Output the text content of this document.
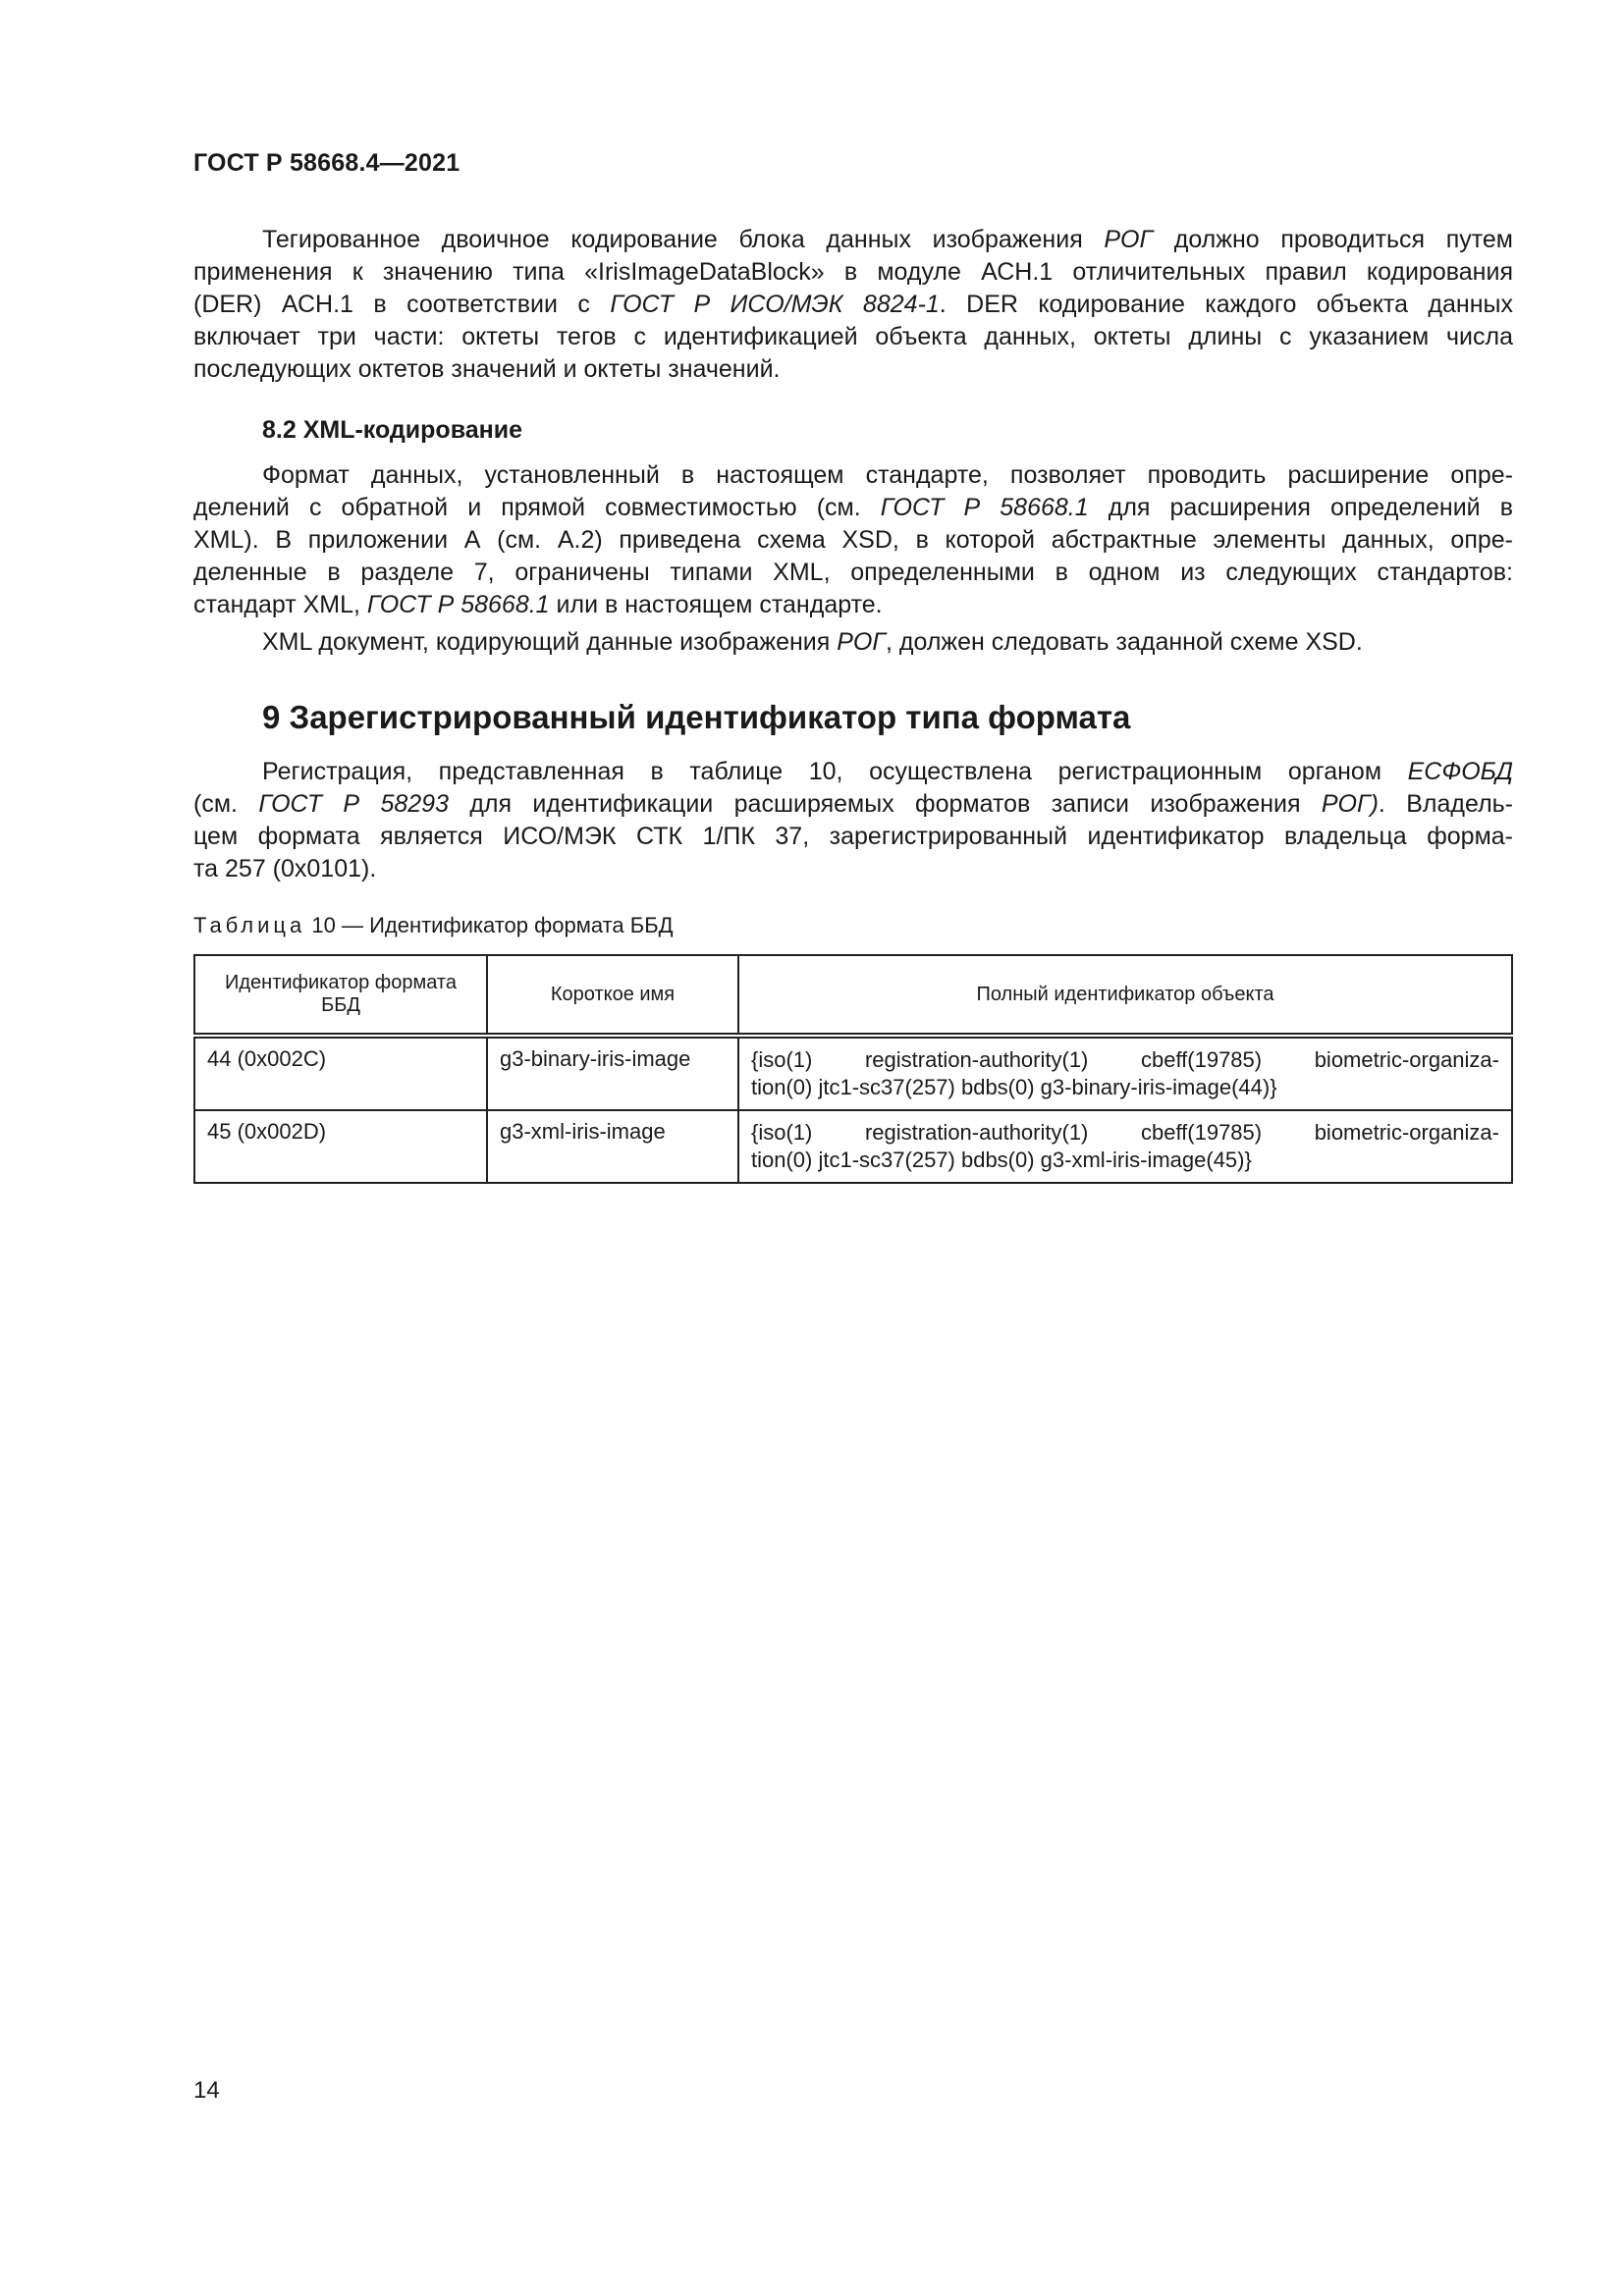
ГОСТ Р 58668.4—2021

Тегированное двоичное кодирование блока данных изображения РОГ должно проводиться путем
применения к значению типа «IrisImageDataBlock» в модуле АСН.1 отличительных правил кодирования
(DER) АСН.1 в соответствии с ГОСТ Р ИСО/МЭК 8824-1. DER кодирование каждого объекта данных
включает три части: октеты тегов с идентификацией объекта данных, октеты длины с указанием числа
последующих октетов значений и октеты значений.

8.2 XML-кодирование

Формат данных, установленный в настоящем стандарте, позволяет проводить расширение опре-
делений с обратной и прямой совместимостью (см. ГОСТ Р 58668.1 для расширения определений в
XML). В приложении А (см. А.2) приведена схема XSD, в которой абстрактные элементы данных, опре-
деленные в разделе 7, ограничены типами XML, определенными в одном из следующих стандартов:
стандарт XML, ГОСТ Р 58668.1 или в настоящем стандарте.

XML документ, кодирующий данные изображения РОГ, должен следовать заданной схеме XSD.

9 Зарегистрированный идентификатор типа формата

Регистрация, представленная в таблице 10, осуществлена регистрационным органом ЕСФОБД
(см. ГОСТ Р 58293 для идентификации расширяемых форматов записи изображения РОГ). Владель-
цем формата является ИСО/МЭК СТК 1/ПК 37, зарегистрированный идентификатор владельца форма-
та 257 (0x0101).

Таблица 10 — Идентификатор формата ББД
Идентификатор формата ББД	Короткое имя	Полный идентификатор объекта
44 (0x002C)	g3-binary-iris-image	{iso(1) registration-authority(1) cbeff(19785) biometric-organiza-
tion(0) jtc1-sc37(257) bdbs(0) g3-binary-iris-image(44)}

45 (0x002D)	g3-xml-iris-image	{iso(1) registration-authority(1) cbeff(19785) biometric-organiza-
tion(0) jtc1-sc37(257) bdbs(0) g3-xml-iris-image(45)}
14
